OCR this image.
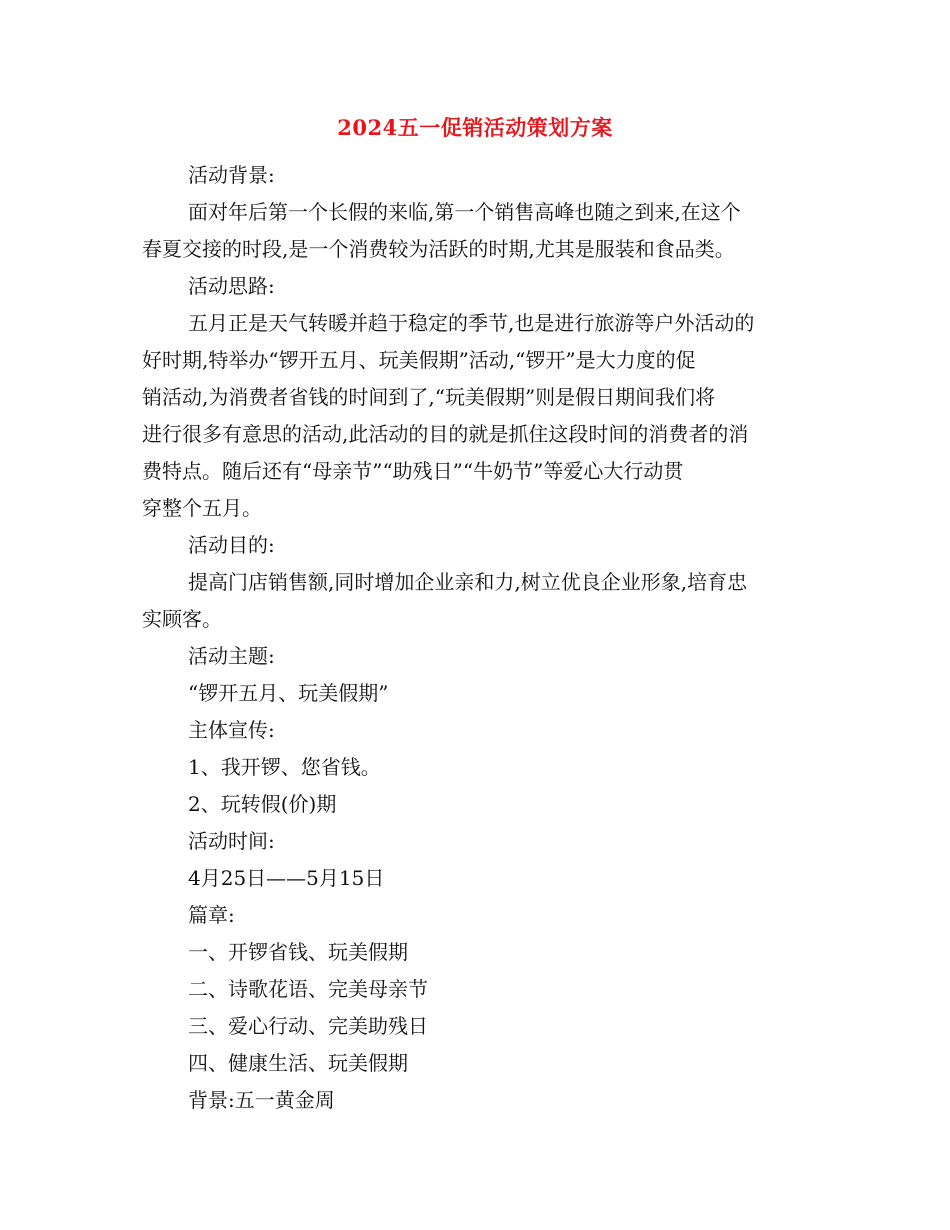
2024五一促销活动策划方案
活动背景:
面对年后第一个长假的来临,第一个销售高峰也随之到来,在这个
春夏交接的时段,是一个消费较为活跃的时期,尤其是服装和食品类。
活动思路:
五月正是天气转暖并趋于稳定的季节,也是进行旅游等户外活动的
好时期,特举办“锣开五月、玩美假期”活动,“锣开”是大力度的促
销活动,为消费者省钱的时间到了,“玩美假期”则是假日期间我们将
进行很多有意思的活动,此活动的目的就是抓住这段时间的消费者的消
费特点。随后还有“母亲节”“助残日”“牛奶节”等爱心大行动贯
穿整个五月。
活动目的:
提高门店销售额,同时增加企业亲和力,树立优良企业形象,培育忠
实顾客。
活动主题:
“锣开五月、玩美假期”
主体宣传:
1、我开锣、您省钱。
2、玩转假(价)期
活动时间:
4月25日——5月15日
篇章:
一、开锣省钱、玩美假期
二、诗歌花语、完美母亲节
三、爱心行动、完美助残日
四、健康生活、玩美假期
背景:五一黄金周
